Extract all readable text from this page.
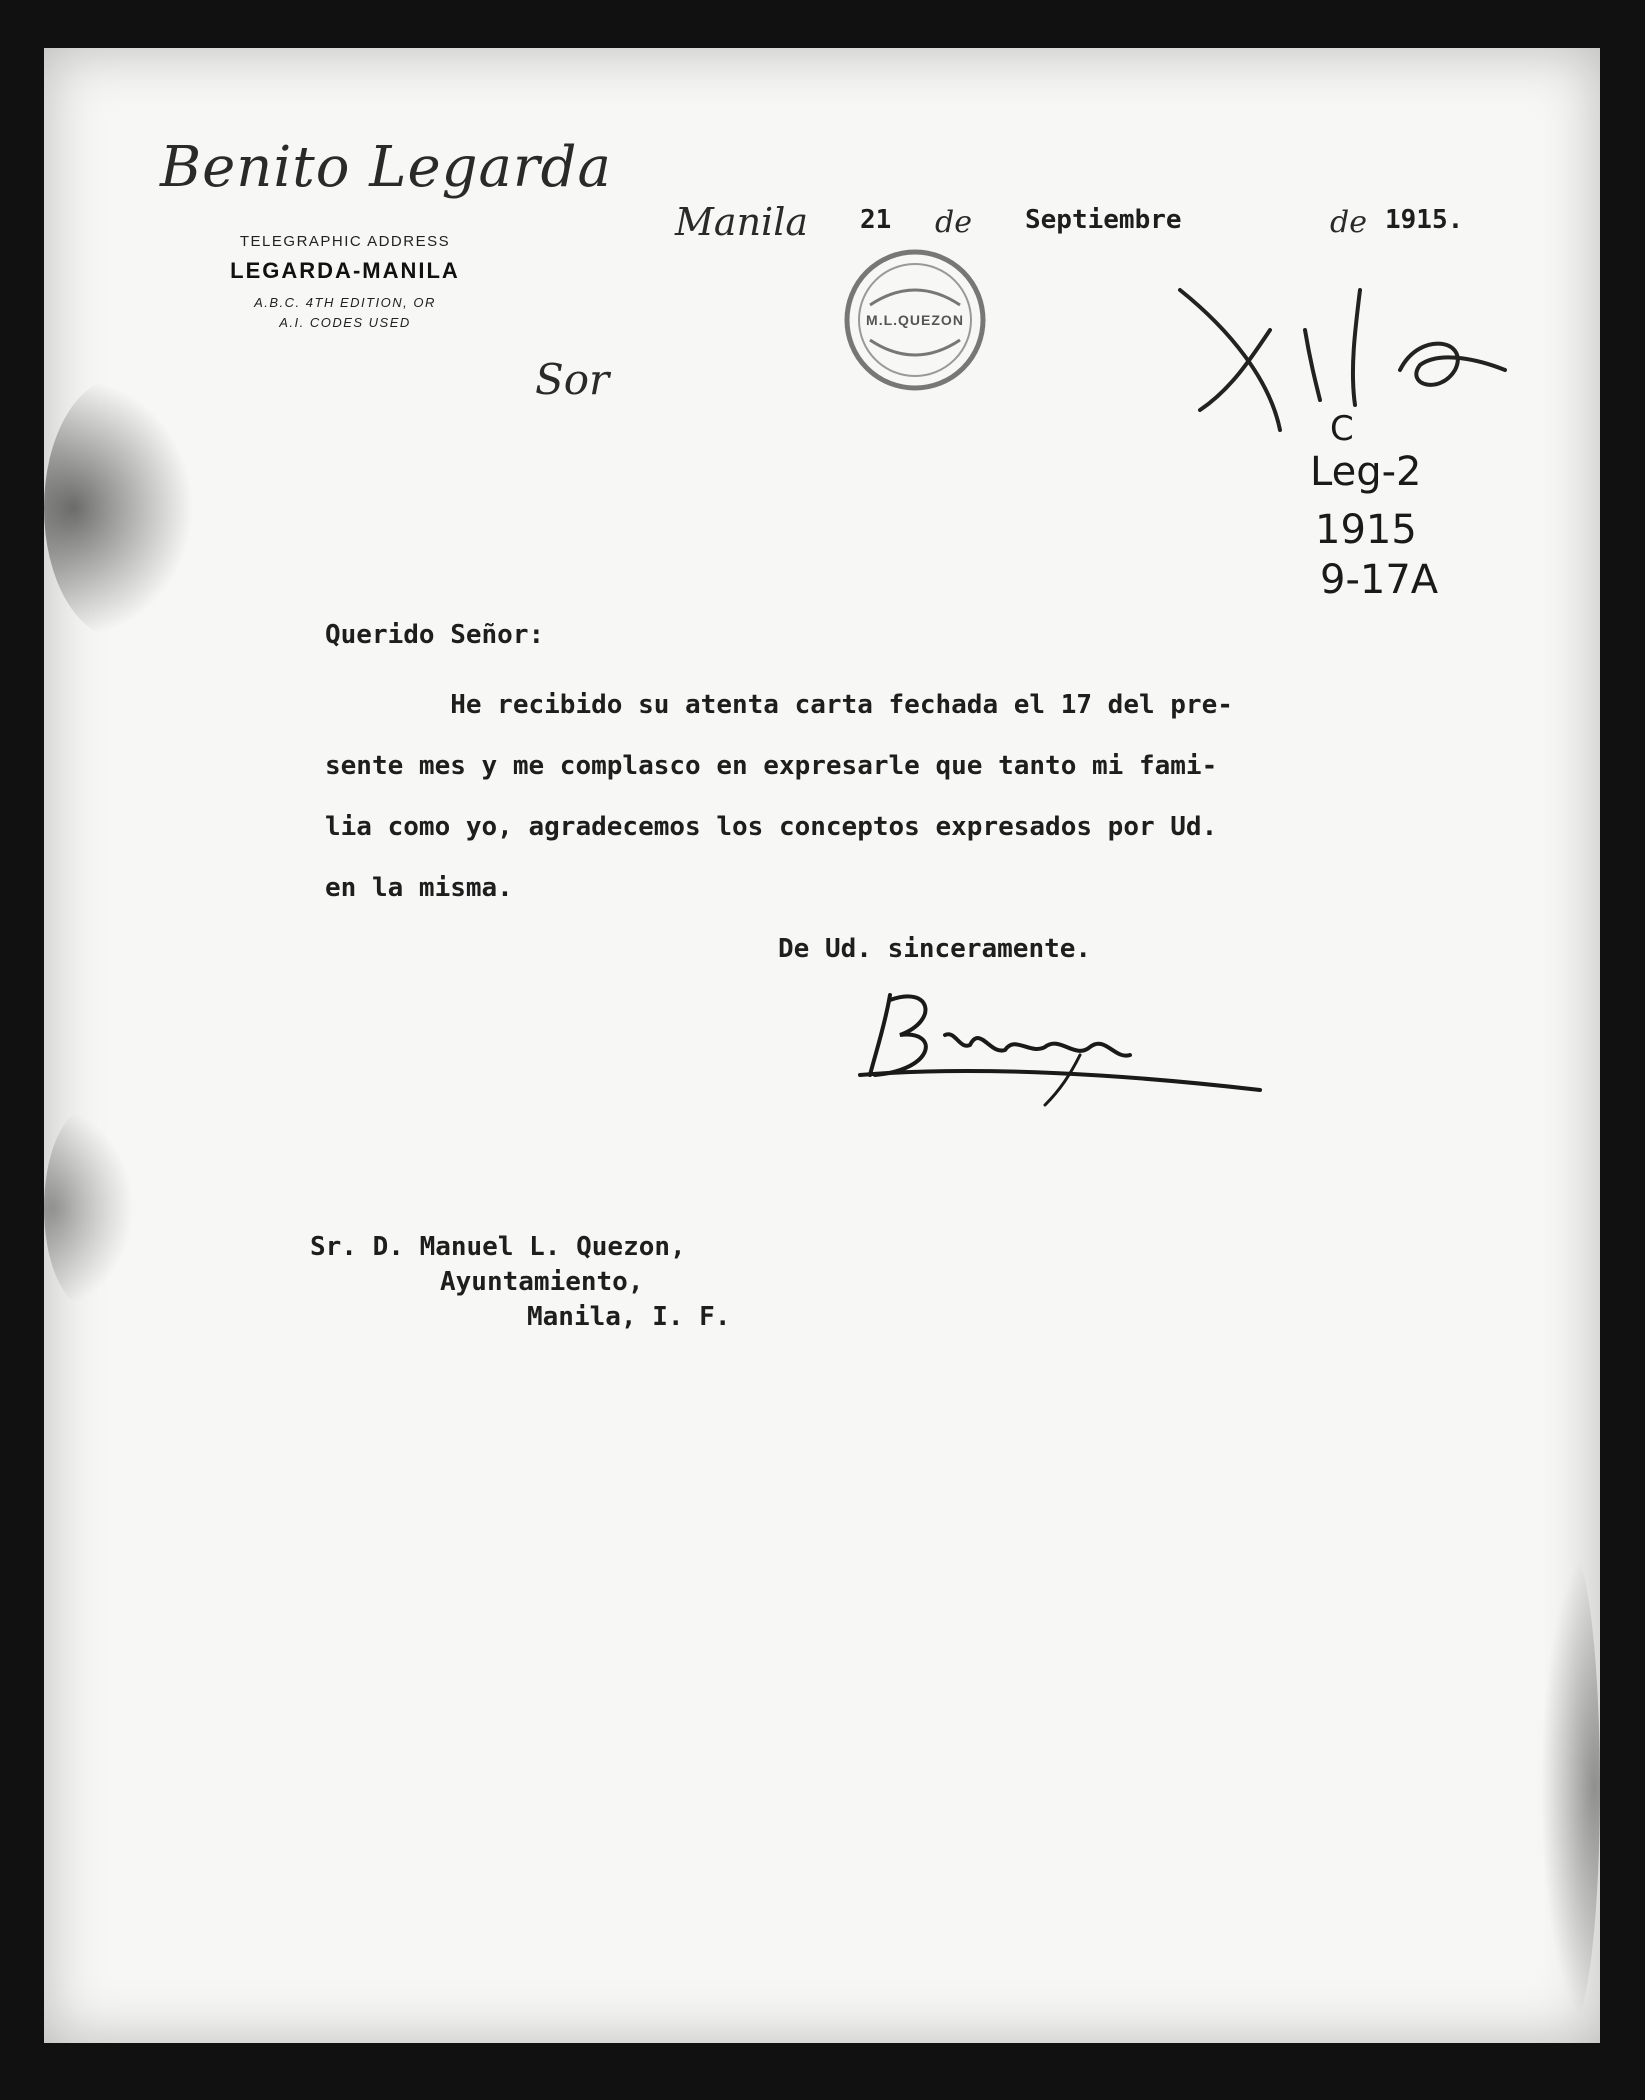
Benito Legarda
TELEGRAPHIC ADDRESS
LEGARDA-MANILA
A.B.C. 4TH EDITION, OR
A.I. CODES USED
Manila 21 de Septiembre	de 1915.
Sor
M.L.QUEZON
C
Leg-2
1915
9-17A
Querido Señor:
He recibido su atenta carta fechada el 17 del pre-
sente mes y me complasco en expresarle que tanto mi fami-
lia como yo, agradecemos los conceptos expresados por Ud.
en la misma.
De Ud. sinceramente.
Sr. D. Manuel L. Quezon,
Ayuntamiento,
Manila, I. F.
